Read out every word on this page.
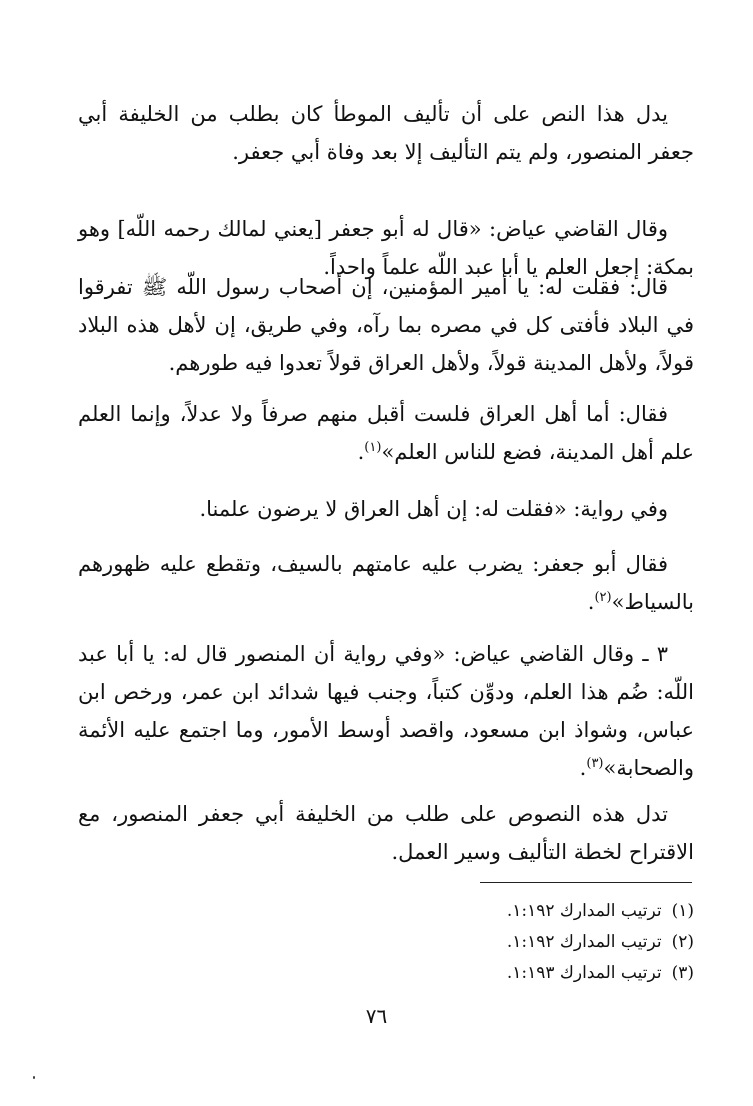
يدل هذا النص على أن تأليف الموطأ كان بطلب من الخليفة أبي جعفر المنصور، ولم يتم التأليف إلا بعد وفاة أبي جعفر.

وقال القاضي عياض: «قال له أبو جعفر [يعني لمالك رحمه اللّه] وهو بمكة: إجعل العلم يا أبا عبد اللّه علماً واحداً.

قال: فقلت له: يا أمير المؤمنين، إن أصحاب رسول اللّه ﷺ تفرقوا في البلاد فأفتى كل في مصره بما رآه، وفي طريق، إن لأهل هذه البلاد قولاً، ولأهل المدينة قولاً، ولأهل العراق قولاً تعدوا فيه طورهم.

فقال: أما أهل العراق فلست أقبل منهم صرفاً ولا عدلاً، وإنما العلم علم أهل المدينة، فضع للناس العلم»$^{(١)}$.

وفي رواية: «فقلت له: إن أهل العراق لا يرضون علمنا.

فقال أبو جعفر: يضرب عليه عامتهم بالسيف، وتقطع عليه ظهورهم بالسياط»$^{(٢)}$.

٣ ـ وقال القاضي عياض: «وفي رواية أن المنصور قال له: يا أبا عبد اللّه: ضُم هذا العلم، ودوِّن كتباً، وجنب فيها شدائد ابن عمر، ورخص ابن عباس، وشواذ ابن مسعود، واقصد أوسط الأمور، وما اجتمع عليه الأئمة والصحابة»$^{(٣)}$.

تدل هذه النصوص على طلب من الخليفة أبي جعفر المنصور، مع الاقتراح لخطة التأليف وسير العمل.

(١)ترتيب المدارك ١:١٩٢.
(٢)ترتيب المدارك ١:١٩٢.
(٣)ترتيب المدارك ١:١٩٣.
٧٦
